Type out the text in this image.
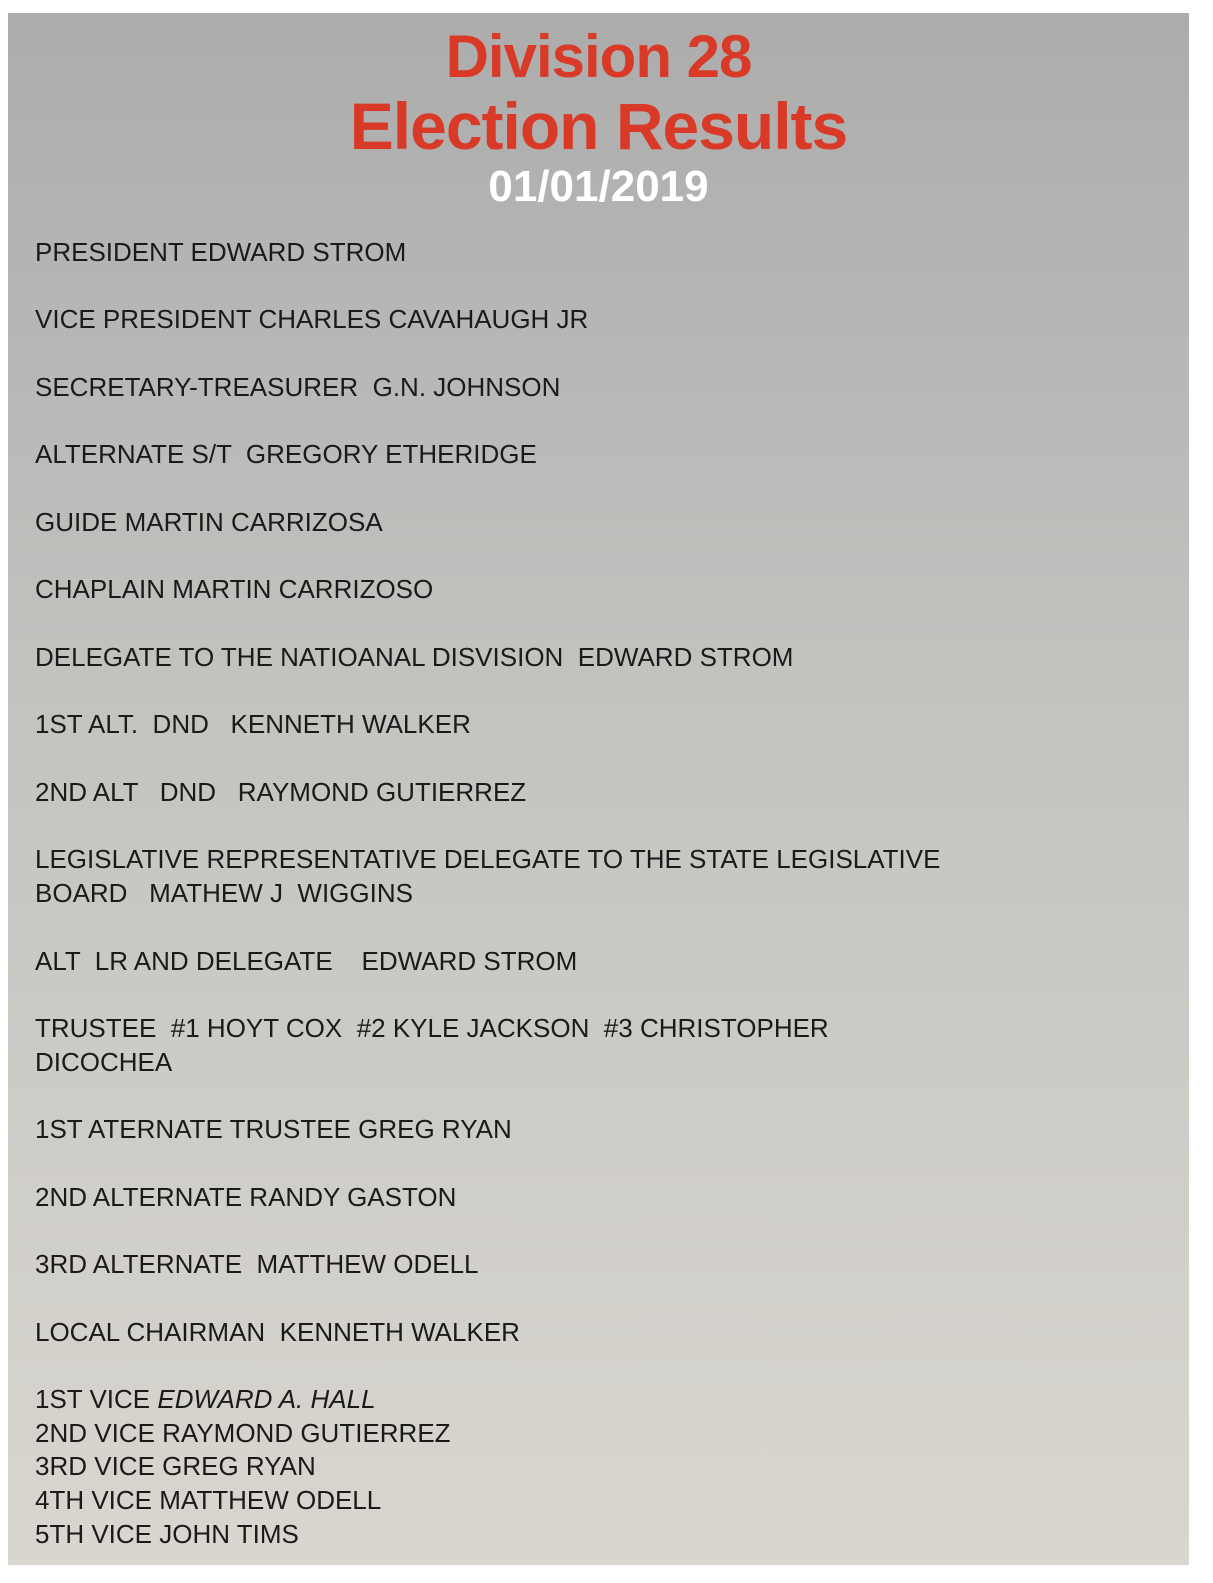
Division 28
Election Results
01/01/2019

PRESIDENT EDWARD STROM

VICE PRESIDENT CHARLES CAVAHAUGH JR

SECRETARY-TREASURER  G.N. JOHNSON

ALTERNATE S/T  GREGORY ETHERIDGE

GUIDE MARTIN CARRIZOSA

CHAPLAIN MARTIN CARRIZOSO

DELEGATE TO THE NATIOANAL DISVISION  EDWARD STROM

1ST ALT.  DND   KENNETH WALKER

2ND ALT   DND   RAYMOND GUTIERREZ

LEGISLATIVE REPRESENTATIVE DELEGATE TO THE STATE LEGISLATIVE

BOARD   MATHEW J  WIGGINS

ALT  LR AND DELEGATE    EDWARD STROM

TRUSTEE  #1 HOYT COX  #2 KYLE JACKSON  #3 CHRISTOPHER

DICOCHEA

1ST ATERNATE TRUSTEE GREG RYAN

2ND ALTERNATE RANDY GASTON

3RD ALTERNATE  MATTHEW ODELL

LOCAL CHAIRMAN  KENNETH WALKER

1ST VICE EDWARD A. HALL

2ND VICE RAYMOND GUTIERREZ

3RD VICE GREG RYAN

4TH VICE MATTHEW ODELL

5TH VICE JOHN TIMS
